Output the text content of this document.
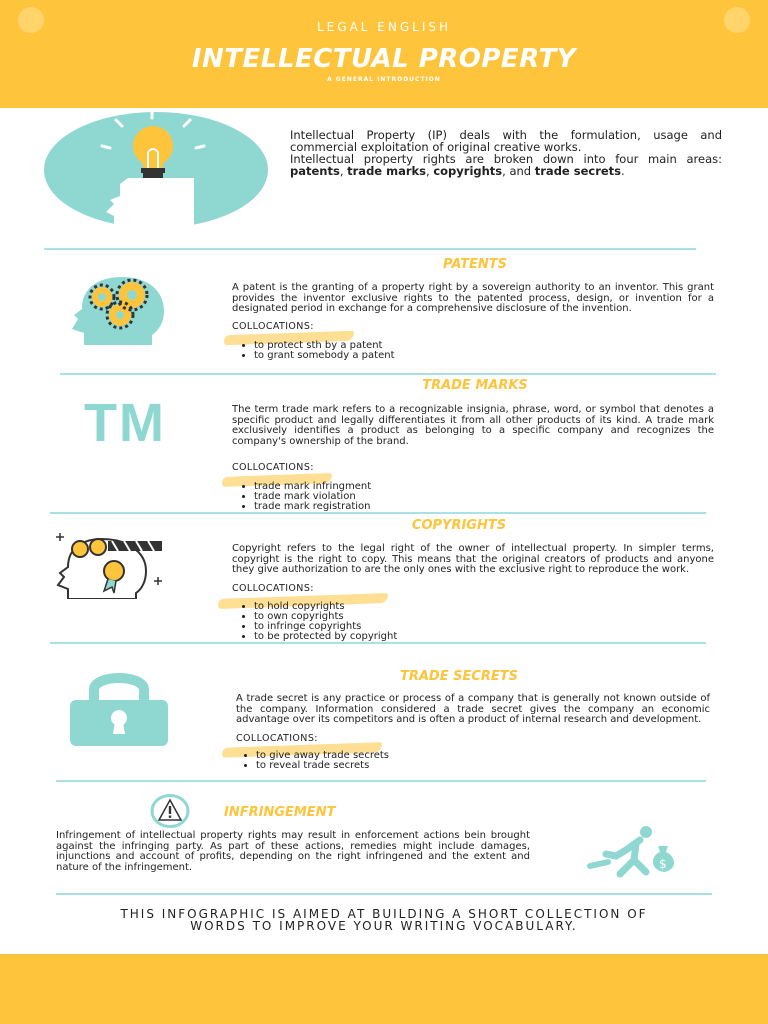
LEGAL ENGLISH
INTELLECTUAL PROPERTY
A GENERAL INTRODUCTION
Intellectual Property (IP) deals with the formulation, usage and commercial exploitation of original creative works.
Intellectual property rights are broken down into four main areas: patents, trade marks, copyrights, and trade secrets.
PATENTS
A patent is the granting of a property right by a sovereign authority to an inventor. This grant provides the inventor exclusive rights to the patented process, design, or invention for a designated period in exchange for a comprehensive disclosure of the invention.
COLLOCATIONS:
• to protect sth by a patent
• to grant somebody a patent
TRADE MARKS
TM	The term trade mark refers to a recognizable insignia, phrase, word, or symbol that denotes a specific product and legally differentiates it from all other products of its kind. A trade mark exclusively identifies a product as belonging to a specific company and recognizes the company's ownership of the brand.
COLLOCATIONS:
• trade mark infringment
• trade mark violation
• trade mark registration
COPYRIGHTS
Copyright refers to the legal right of the owner of intellectual property. In simpler terms, copyright is the right to copy. This means that the original creators of products and anyone they give authorization to are the only ones with the exclusive right to reproduce the work.
COLLOCATIONS:
• to hold copyrights
• to own copyrights
• to infringe copyrights
• to be protected by copyright
TRADE SECRETS
A trade secret is any practice or process of a company that is generally not known outside of the company. Information considered a trade secret gives the company an economic advantage over its competitors and is often a product of internal research and development.
COLLOCATIONS:
• to give away trade secrets
• to reveal trade secrets
INFRINGEMENT
Infringement of intellectual property rights may result in enforcement actions bein brought against the infringing party. As part of these actions, remedies might include damages, injunctions and account of profits, depending on the right infringened and the extent and nature of the infringement.	$
THIS INFOGRAPHIC IS AIMED AT BUILDING A SHORT COLLECTION OF WORDS TO IMPROVE YOUR WRITING VOCABULARY.
